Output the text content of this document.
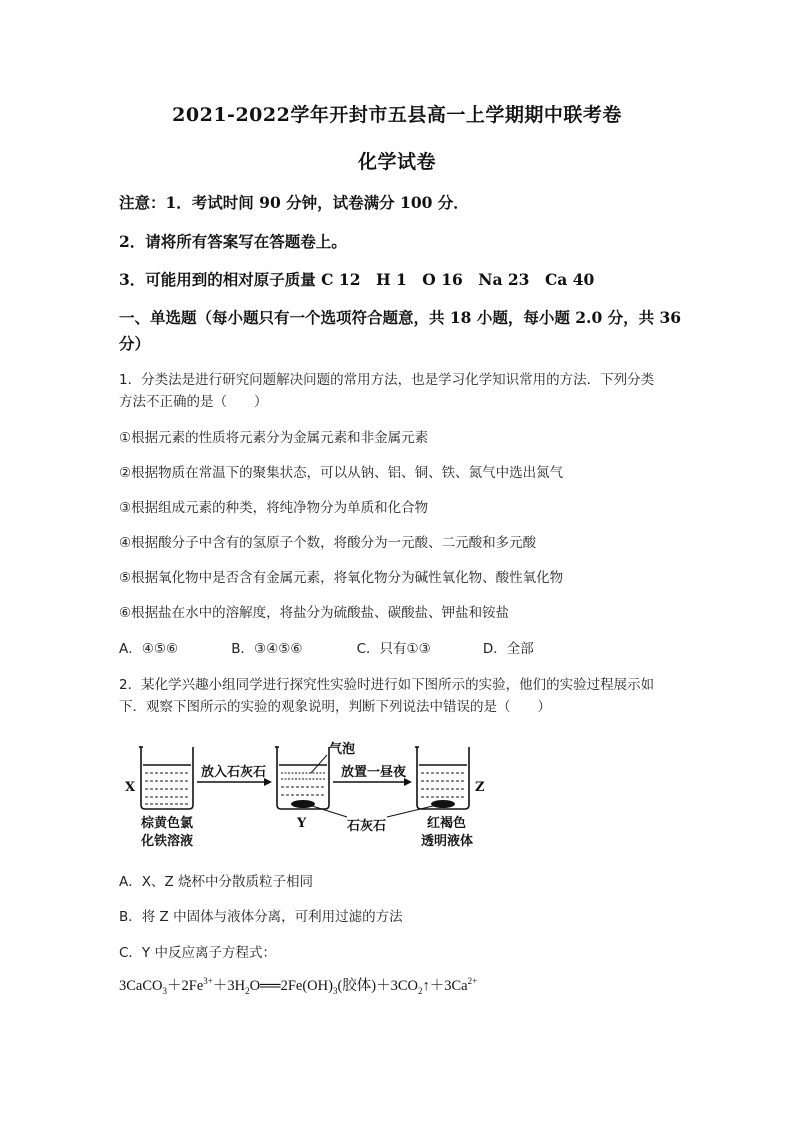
2021-2022学年开封市五县高一上学期期中联考卷
化学试卷
注意：1．考试时间 90 分钟，试卷满分 100 分．
2．请将所有答案写在答题卷上。
3．可能用到的相对原子质量 C 12　H 1　O 16　Na 23　Ca 40
一、单选题（每小题只有一个选项符合题意，共 18 小题，每小题 2.0 分，共 36
分）
1．分类法是进行研究问题解决问题的常用方法，也是学习化学知识常用的方法．下列分类
方法不正确的是（　　）
①根据元素的性质将元素分为金属元素和非金属元素
②根据物质在常温下的聚集状态，可以从钠、铝、铜、铁、氮气中选出氮气
③根据组成元素的种类，将纯净物分为单质和化合物
④根据酸分子中含有的氢原子个数，将酸分为一元酸、二元酸和多元酸
⑤根据氧化物中是否含有金属元素，将氧化物分为碱性氧化物、酸性氧化物
⑥根据盐在水中的溶解度，将盐分为硫酸盐、碳酸盐、钾盐和铵盐
A．④⑤⑥	B．③④⑤⑥	C．只有①③	D．全部
2．某化学兴趣小组同学进行探究性实验时进行如下图所示的实验，他们的实验过程展示如
下．观察下图所示的实验的观象说明，判断下列说法中错误的是（　　）
X
棕黄色氯
化铁溶液
放入石灰石
气泡
Y
放置一昼夜
石灰石
Z
红褐色
透明液体
A．X、Z 烧杯中分散质粒子相同
B．将 Z 中固体与液体分离，可利用过滤的方法
C．Y 中反应离子方程式：
$3CaCO_3+2Fe^{3+}+3H_2O══2Fe(OH)_3$(胶体)$+3CO_2↑+3Ca^{2+}$
